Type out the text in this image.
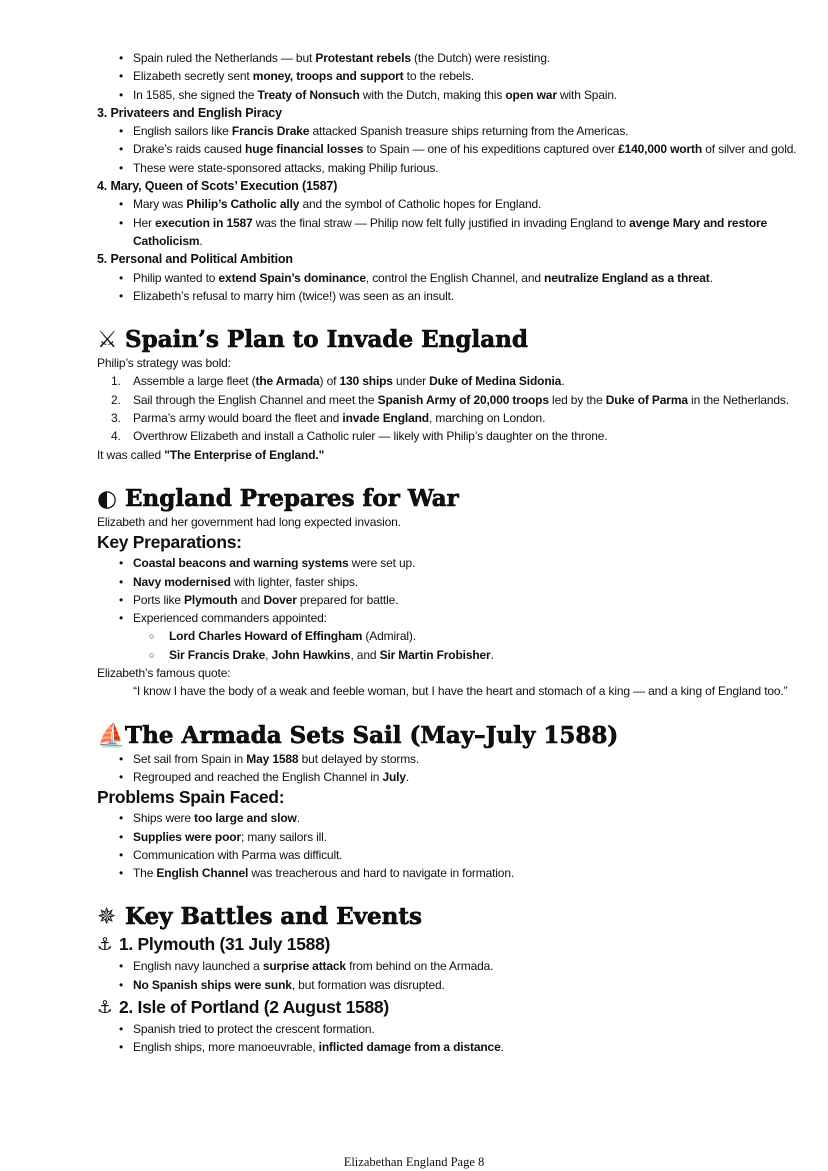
• Spain ruled the Netherlands — but Protestant rebels (the Dutch) were resisting.
• Elizabeth secretly sent money, troops and support to the rebels.
• In 1585, she signed the Treaty of Nonsuch with the Dutch, making this open war with Spain.
3. Privateers and English Piracy
• English sailors like Francis Drake attacked Spanish treasure ships returning from the Americas.
• Drake’s raids caused huge financial losses to Spain — one of his expeditions captured over £140,000 worth of silver and gold.
• These were state-sponsored attacks, making Philip furious.
4. Mary, Queen of Scots’ Execution (1587)
• Mary was Philip’s Catholic ally and the symbol of Catholic hopes for England.
• Her execution in 1587 was the final straw — Philip now felt fully justified in invading England to avenge Mary and restore Catholicism.
5. Personal and Political Ambition
• Philip wanted to extend Spain’s dominance, control the English Channel, and neutralize England as a threat.
• Elizabeth’s refusal to marry him (twice!) was seen as an insult.
⚔ Spain’s Plan to Invade England
Philip’s strategy was bold:
1. Assemble a large fleet (the Armada) of 130 ships under Duke of Medina Sidonia.
2. Sail through the English Channel and meet the Spanish Army of 20,000 troops led by the Duke of Parma in the Netherlands.
3. Parma’s army would board the fleet and invade England, marching on London.
4. Overthrow Elizabeth and install a Catholic ruler — likely with Philip’s daughter on the throne.
It was called "The Enterprise of England."
◐ England Prepares for War
Elizabeth and her government had long expected invasion.
Key Preparations:
• Coastal beacons and warning systems were set up.
• Navy modernised with lighter, faster ships.
• Ports like Plymouth and Dover prepared for battle.
• Experienced commanders appointed:
○ Lord Charles Howard of Effingham (Admiral).
○ Sir Francis Drake, John Hawkins, and Sir Martin Frobisher.
Elizabeth’s famous quote:
“I know I have the body of a weak and feeble woman, but I have the heart and stomach of a king — and a king of England too.”
⛵The Armada Sets Sail (May–July 1588)
• Set sail from Spain in May 1588 but delayed by storms.
• Regrouped and reached the English Channel in July.
Problems Spain Faced:
• Ships were too large and slow.
• Supplies were poor; many sailors ill.
• Communication with Parma was difficult.
• The English Channel was treacherous and hard to navigate in formation.
✵ Key Battles and Events
⚓ 1. Plymouth (31 July 1588)
• English navy launched a surprise attack from behind on the Armada.
• No Spanish ships were sunk, but formation was disrupted.
⚓ 2. Isle of Portland (2 August 1588)
• Spanish tried to protect the crescent formation.
• English ships, more manoeuvrable, inflicted damage from a distance.
Elizabethan England Page 8
